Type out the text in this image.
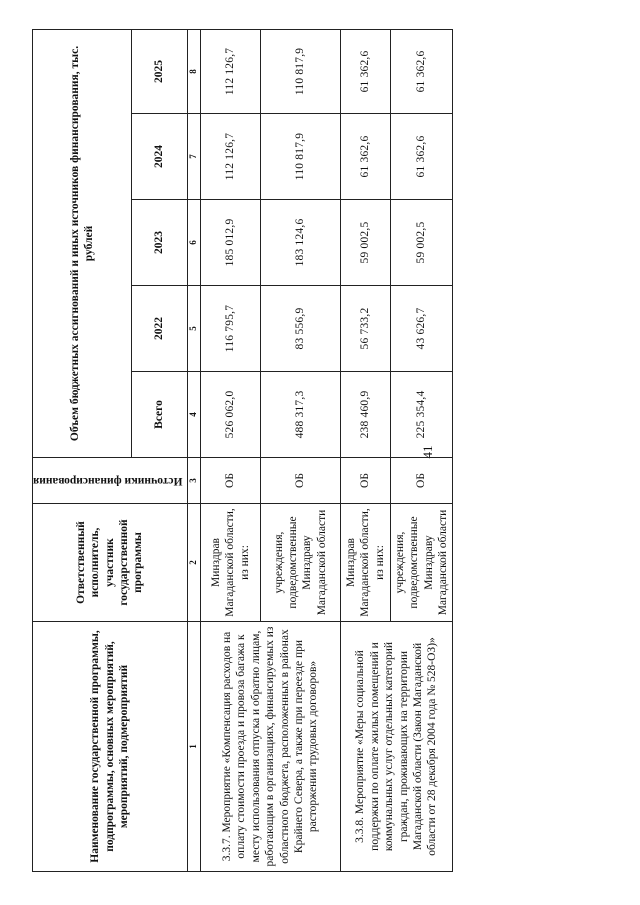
41
Наименование государственной программы, подпрограммы, основных мероприятий, мероприятий, подмероприятий	Ответственный исполнитель, участник государственной программы	Источники финансирования	Объем бюджетных ассигнований и иных источников финансирования, тыс. рублей				
			Всего	2022	2023	2024	2025
1	2	3	4	5	6	7	8
3.3.7. Мероприятие «Компенсация расходов на оплату стоимости проезда и провоза багажа к месту использования отпуска и обратно лицам, работающим в организациях, финансируемых из областного бюджета, расположенных в районах Крайнего Севера, а также при переезде при расторжении трудовых договоров»	Минздрав Магаданской области, из них:	ОБ	526 062,0	116 795,7	185 012,9	112 126,7	112 126,7
	учреждения, подведомственные Минздраву Магаданской области	ОБ	488 317,3	83 556,9	183 124,6	110 817,9	110 817,9
3.3.8. Мероприятие «Меры социальной поддержки по оплате жилых помещений и коммунальных услуг отдельных категорий граждан, проживающих на территории Магаданской области (Закон Магаданской области от 28 декабря 2004 года № 528-ОЗ)»	Минздрав Магаданской области, из них:	ОБ	238 460,9	56 733,2	59 002,5	61 362,6	61 362,6
	учреждения, подведомственные Минздраву Магаданской области	ОБ	225 354,4	43 626,7	59 002,5	61 362,6	61 362,6
